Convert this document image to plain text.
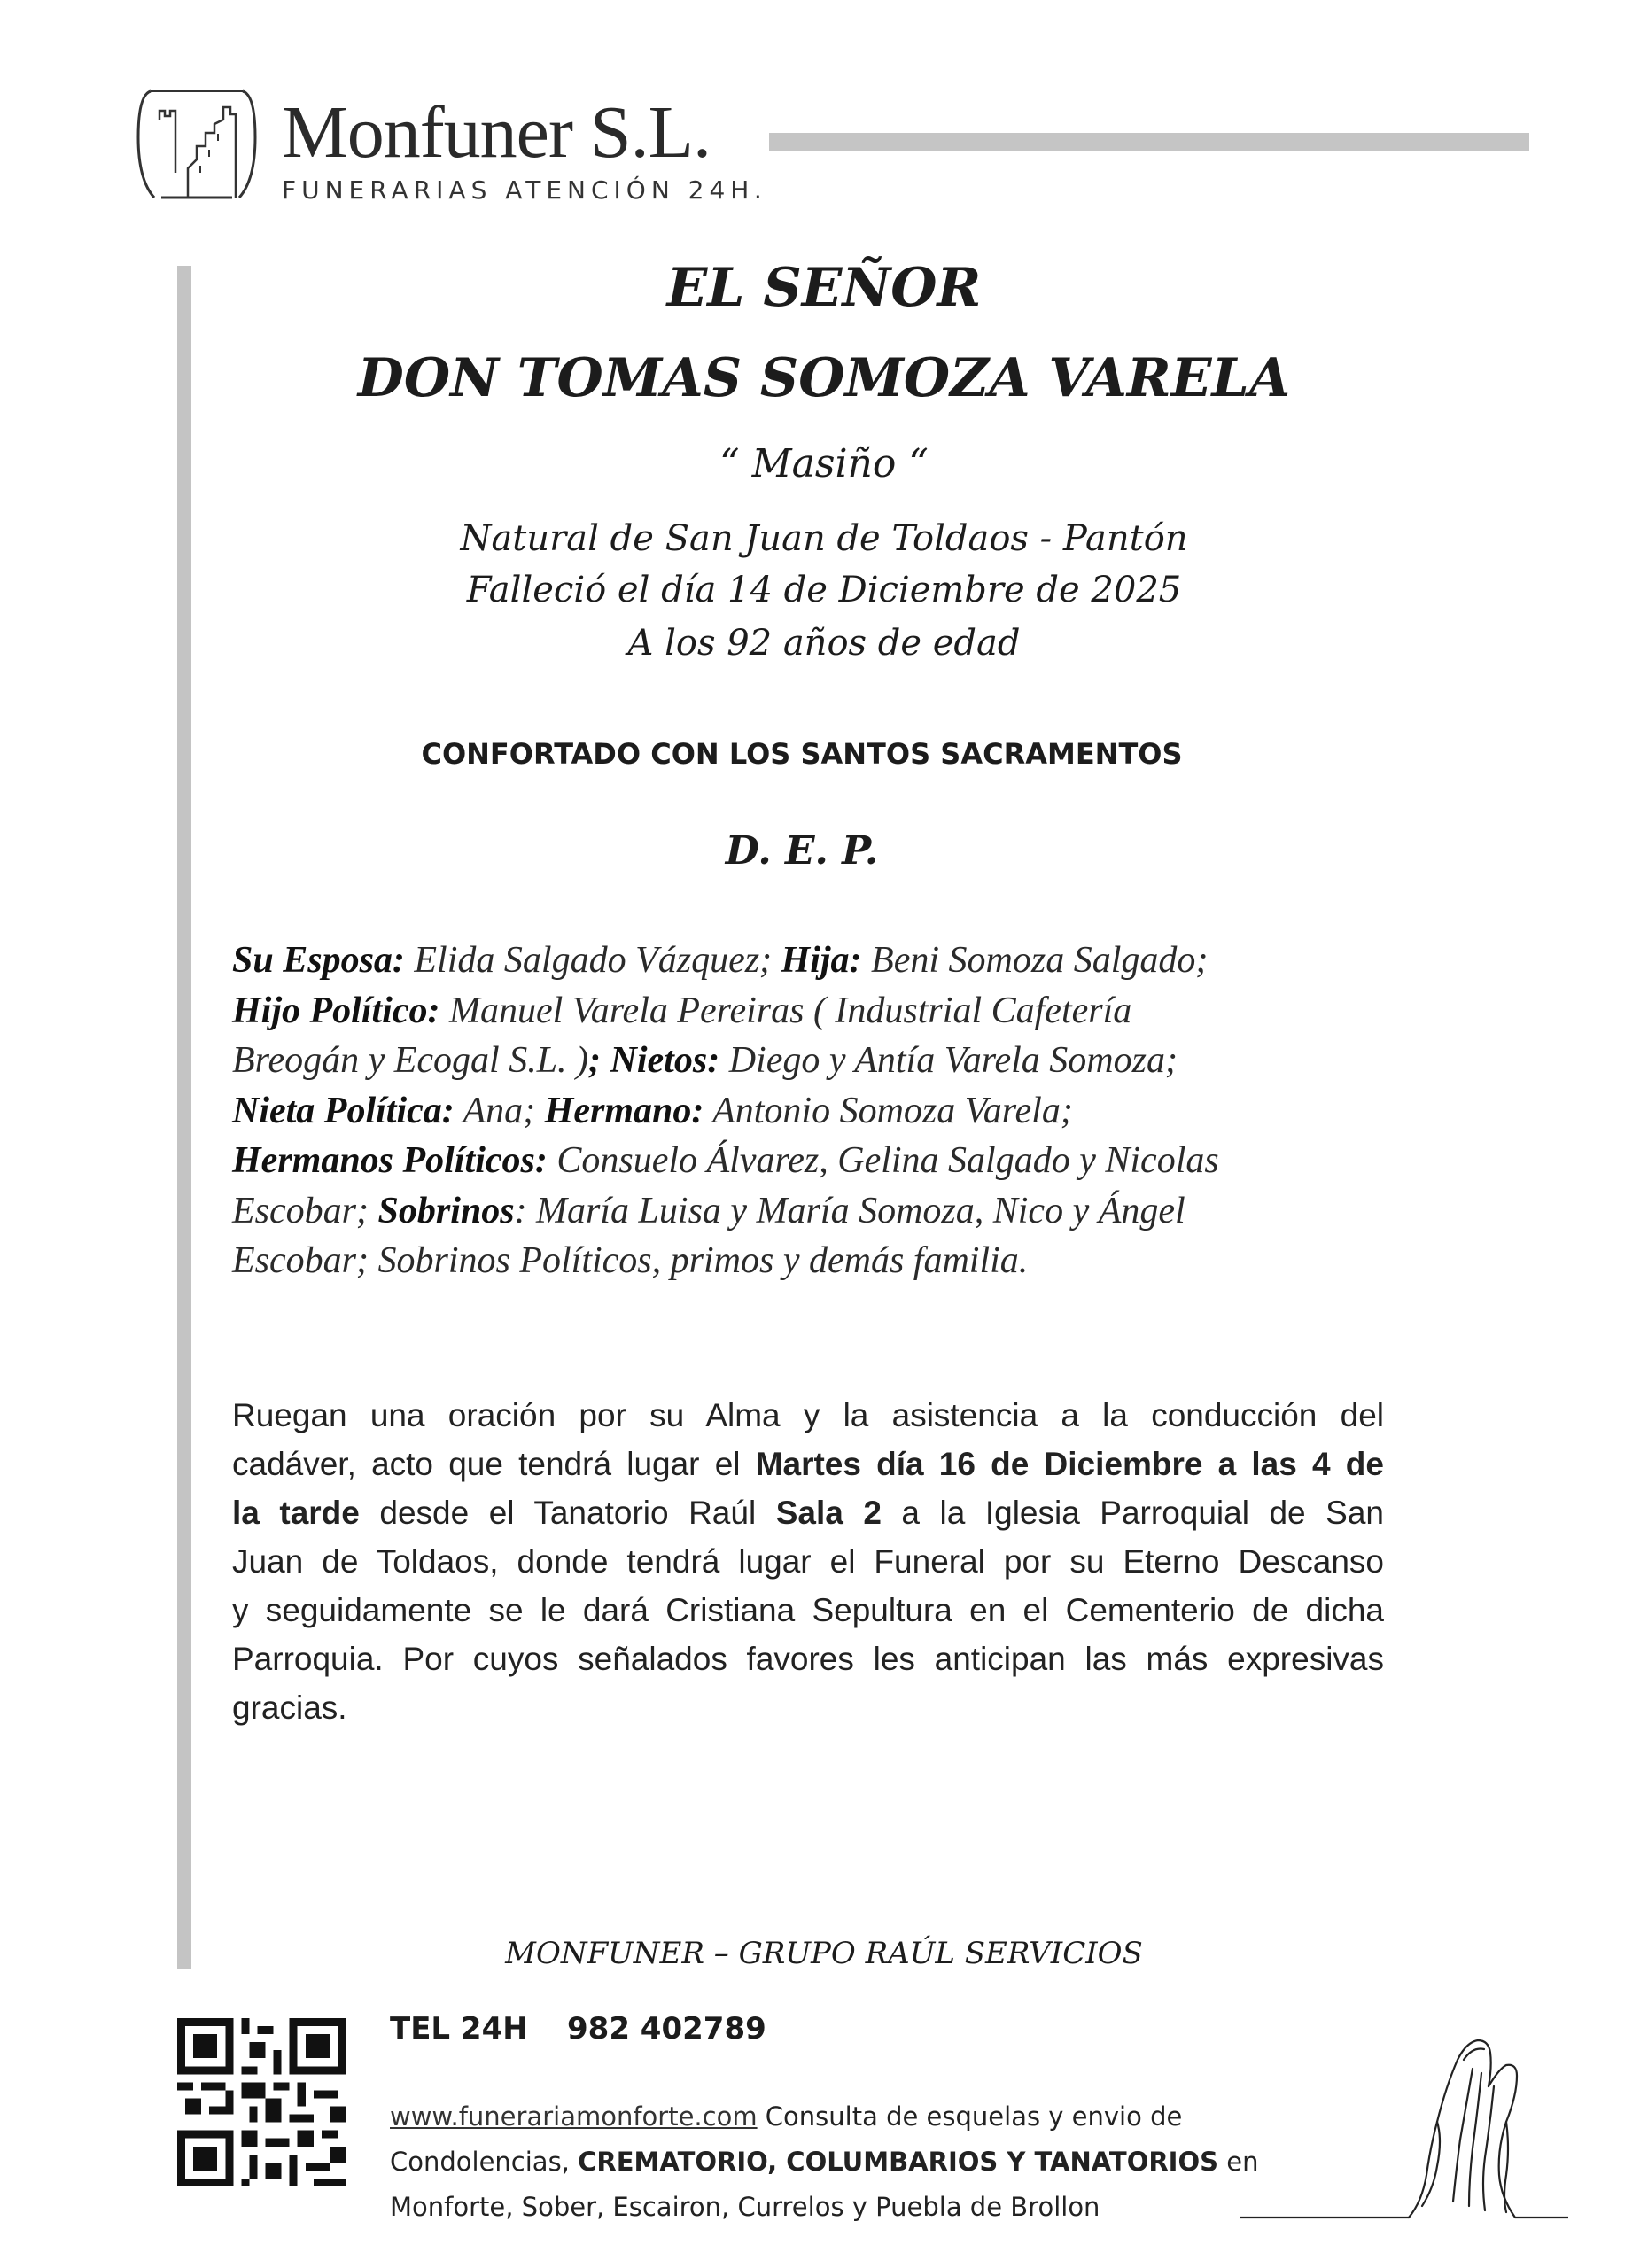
Monfuner S.L.
FUNERARIAS ATENCIÓN 24H.
EL SEÑOR
DON TOMAS SOMOZA VARELA
“ Masiño “
Natural de San Juan de Toldaos - Pantón
Falleció el día 14 de Diciembre de 2025
A los 92 años de edad
CONFORTADO CON LOS SANTOS SACRAMENTOS
D. E. P.
Su Esposa: Elida Salgado Vázquez; Hija: Beni Somoza Salgado;
Hijo Político: Manuel Varela Pereiras ( Industrial Cafetería
Breogán y Ecogal S.L. ); Nietos: Diego y Antía Varela Somoza;
Nieta Política: Ana; Hermano: Antonio Somoza Varela;
Hermanos Políticos: Consuelo Álvarez, Gelina Salgado y Nicolas
Escobar; Sobrinos: María Luisa y María Somoza, Nico y Ángel
Escobar; Sobrinos Políticos, primos y demás familia.
Ruegan una oración por su Alma y la asistencia a la conducción del
cadáver, acto que tendrá lugar el Martes día 16 de Diciembre a las 4 de
la tarde desde el Tanatorio Raúl Sala 2 a la Iglesia Parroquial de San
Juan de Toldaos, donde tendrá lugar el Funeral por su Eterno Descanso
y seguidamente se le dará Cristiana Sepultura en el Cementerio de dicha
Parroquia. Por cuyos señalados favores les anticipan las más expresivas
gracias.
MONFUNER – GRUPO RAÚL SERVICIOS
TEL 24H 982 402789
www.funerariamonforte.com Consulta de esquelas y envio de
Condolencias, CREMATORIO, COLUMBARIOS Y TANATORIOS en
Monforte, Sober, Escairon, Currelos y Puebla de Brollon
